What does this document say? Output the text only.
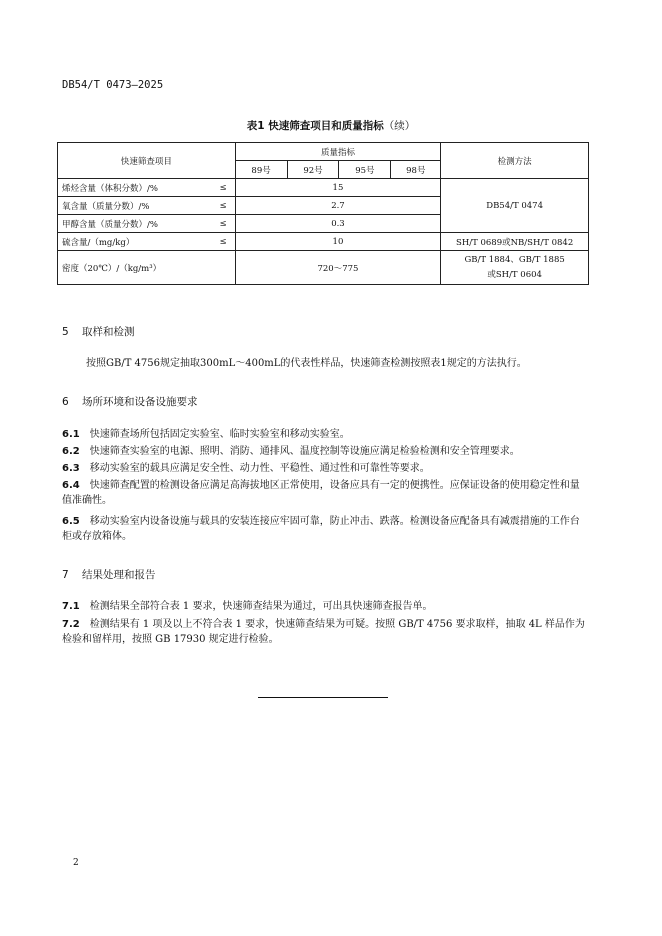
DB54/T 0473—2025
表1 快速筛查项目和质量指标（续）
快速筛查项目	质量指标				检测方法
	89号	92号	95号	98号	
烯烃含量（体积分数）/% ≤	15				DB54/T 0474
氧含量（质量分数）/% ≤	2.7				
甲醇含量（质量分数）/% ≤	0.3				
硫含量/（mg/kg） ≤	10				SH/T 0689或NB/SH/T 0842
密度（20℃）/（kg/m³）	720～775				GB/T 1884、GB/T 1885
或SH/T 0604
5 取样和检测
按照GB/T 4756规定抽取300mL～400mL的代表性样品，快速筛查检测按照表1规定的方法执行。
6 场所环境和设备设施要求
6.1 快速筛查场所包括固定实验室、临时实验室和移动实验室。
6.2 快速筛查实验室的电源、照明、消防、通排风、温度控制等设施应满足检验检测和安全管理要求。
6.3 移动实验室的载具应满足安全性、动力性、平稳性、通过性和可靠性等要求。
6.4 快速筛查配置的检测设备应满足高海拔地区正常使用，设备应具有一定的便携性。应保证设备的使用稳定性和量值准确性。
6.5 移动实验室内设备设施与载具的安装连接应牢固可靠，防止冲击、跌落。检测设备应配备具有减震措施的工作台柜或存放箱体。
7 结果处理和报告
7.1 检测结果全部符合表 1 要求，快速筛查结果为通过，可出具快速筛查报告单。
7.2 检测结果有 1 项及以上不符合表 1 要求，快速筛查结果为可疑。按照 GB/T 4756 要求取样，抽取 4L 样品作为检验和留样用，按照 GB 17930 规定进行检验。
2
